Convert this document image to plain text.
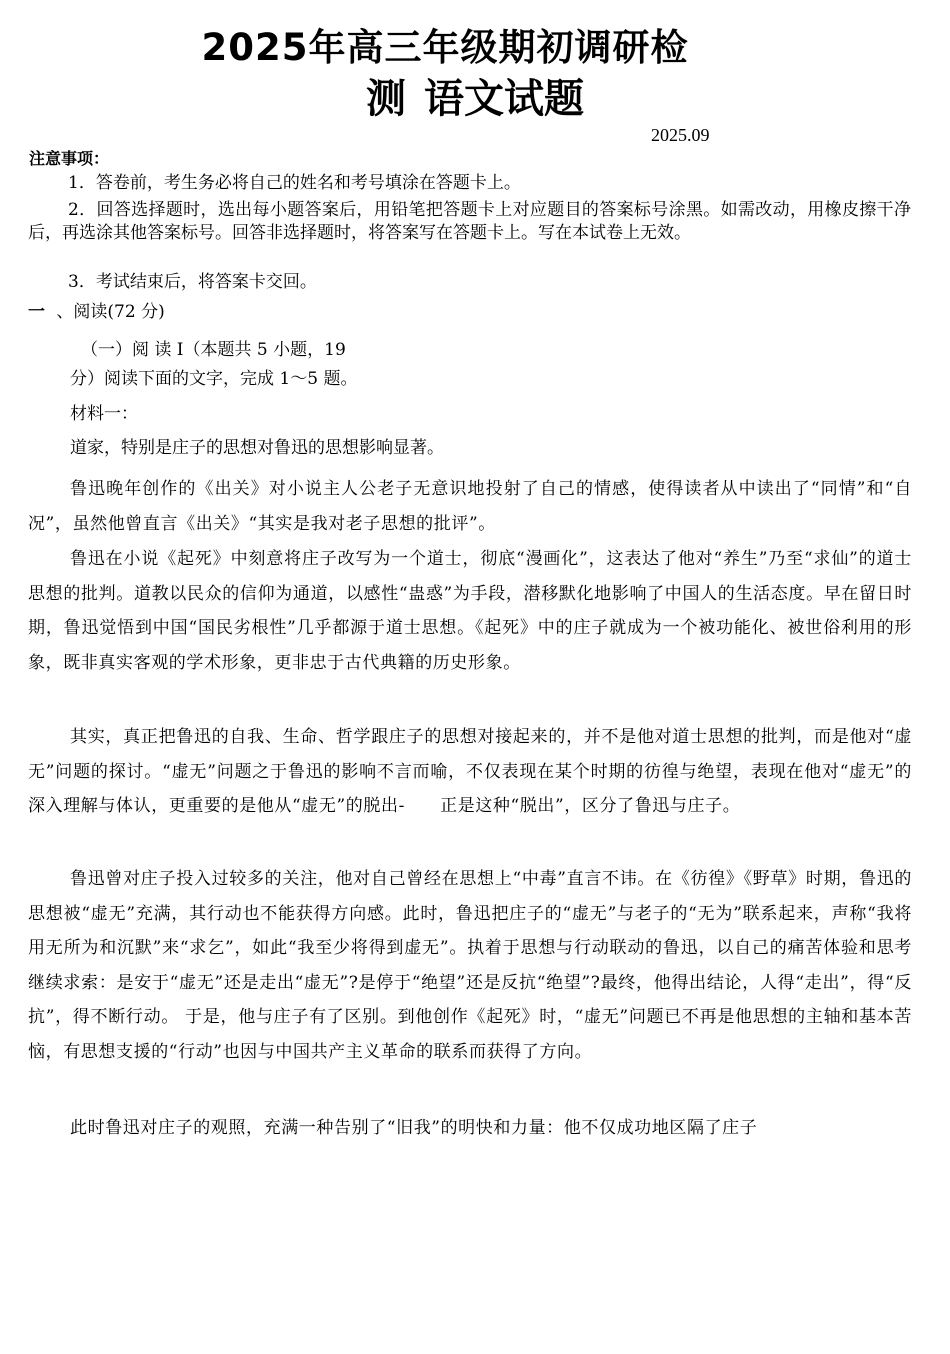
2025年高三年级期初调研检
测 语文试题
2025.09
注意事项：
1．答卷前，考生务必将自己的姓名和考号填涂在答题卡上。
2．回答选择题时，选出每小题答案后，用铅笔把答题卡上对应题目的答案标号涂黑。如需改动，用橡皮擦干净后，再选涂其他答案标号。回答非选择题时，将答案写在答题卡上。写在本试卷上无效。
3．考试结束后，将答案卡交回。
一 、阅读(72 分)
（一）阅 读 I（本题共 5 小题，19
分）阅读下面的文字，完成 1～5 题。
材料一：
道家，特别是庄子的思想对鲁迅的思想影响显著。
鲁迅晚年创作的《出关》对小说主人公老子无意识地投射了自己的情感，使得读者从中读出了“同情”和“自况”，虽然他曾直言《出关》“其实是我对老子思想的批评”。
鲁迅在小说《起死》中刻意将庄子改写为一个道士，彻底“漫画化”，这表达了他对“养生”乃至“求仙”的道士思想的批判。道教以民众的信仰为通道，以感性“蛊惑”为手段，潜移默化地影响了中国人的生活态度。早在留日时期，鲁迅觉悟到中国“国民劣根性”几乎都源于道士思想。《起死》中的庄子就成为一个被功能化、被世俗利用的形象，既非真实客观的学术形象，更非忠于古代典籍的历史形象。
其实，真正把鲁迅的自我、生命、哲学跟庄子的思想对接起来的，并不是他对道士思想的批判，而是他对“虚无”问题的探讨。“虚无”问题之于鲁迅的影响不言而喻，不仅表现在某个时期的彷徨与绝望，表现在他对“虚无”的深入理解与体认，更重要的是他从“虚无”的脱出-　　正是这种“脱出”，区分了鲁迅与庄子。
鲁迅曾对庄子投入过较多的关注，他对自己曾经在思想上“中毒”直言不讳。在《彷徨》《野草》时期，鲁迅的思想被“虚无”充满，其行动也不能获得方向感。此时，鲁迅把庄子的“虚无”与老子的“无为”联系起来，声称“我将用无所为和沉默”来“求乞”，如此“我至少将得到虚无”。执着于思想与行动联动的鲁迅，以自己的痛苦体验和思考继续求索：是安于“虚无”还是走出“虚无”?是停于“绝望”还是反抗“绝望”?最终，他得出结论，人得“走出”，得“反抗”，得不断行动。 于是，他与庄子有了区别。到他创作《起死》时，“虚无”问题已不再是他思想的主轴和基本苦　 恼，有思想支援的“行动”也因与中国共产主义革命的联系而获得了方向。
此时鲁迅对庄子的观照，充满一种告别了“旧我”的明快和力量：他不仅成功地区隔了庄子
